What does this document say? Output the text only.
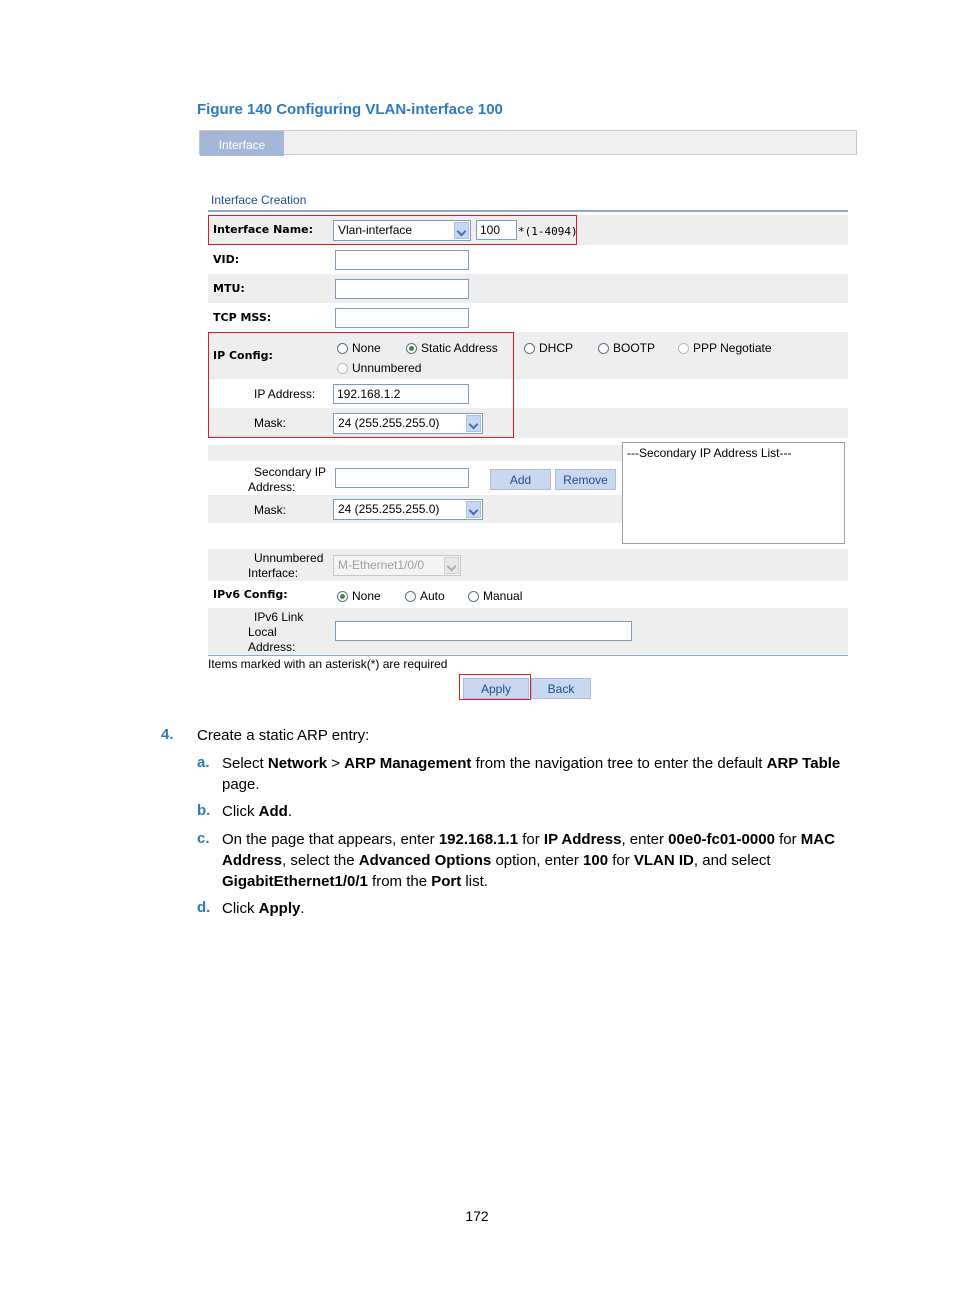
Figure 140 Configuring VLAN-interface 100
Interface
Interface Creation
Interface Name:	Vlan-interface	100	*(1-4094)
VID:
MTU:
TCP MSS:
IP Config:
None	Static Address	DHCP	BOOTP	PPP Negotiate
Unnumbered
IP Address:	192.168.1.2
Mask:	24 (255.255.255.0)
Secondary IP
Address:	Add	Remove
Mask:	24 (255.255.255.0)
---Secondary IP Address List---
Unnumbered
Interface:
M-Ethernet1/0/0
IPv6 Config:	None	Auto	Manual
IPv6 Link
Local
Address:
Items marked with an asterisk(*) are required
Apply	Back
4. Create a static ARP entry:
a. Select Network > ARP Management from the navigation tree to enter the default ARP Table
page.
b. Click Add.
c. On the page that appears, enter 192.168.1.1 for IP Address, enter 00e0-fc01-0000 for MAC
Address, select the Advanced Options option, enter 100 for VLAN ID, and select
GigabitEthernet1/0/1 from the Port list.
d. Click Apply.
172
